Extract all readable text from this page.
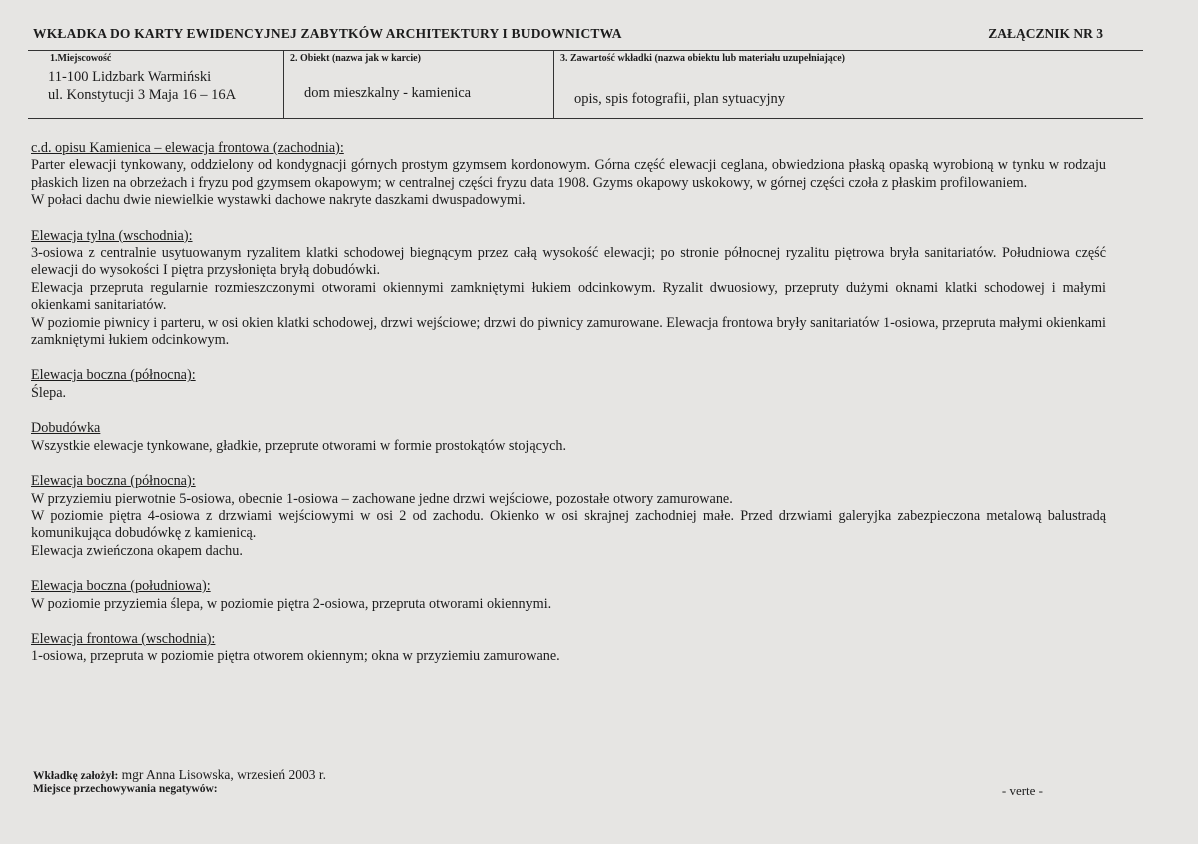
WKŁADKA DO KARTY EWIDENCYJNEJ ZABYTKÓW ARCHITEKTURY I BUDOWNICTWA	ZAŁĄCZNIK NR 3
1.Miejscowość
11-100 Lidzbark Warmiński
ul. Konstytucji 3 Maja 16 – 16A
2. Obiekt (nazwa jak w karcie)
dom mieszkalny - kamienica
3. Zawartość wkładki (nazwa obiektu lub materiału uzupełniające)
opis, spis fotografii, plan sytuacyjny
c.d. opisu Kamienica – elewacja frontowa (zachodnia):

Parter elewacji tynkowany, oddzielony od kondygnacji górnych prostym gzymsem kordonowym. Górna część elewacji ceglana, obwiedziona płaską opaską wyrobioną w tynku w rodzaju płaskich lizen na obrzeżach i fryzu pod gzymsem okapowym; w centralnej części fryzu data 1908. Gzyms okapowy uskokowy, w górnej części czoła z płaskim profilowaniem.

W połaci dachu dwie niewielkie wystawki dachowe nakryte daszkami dwuspadowymi.

Elewacja tylna (wschodnia):

3-osiowa z centralnie usytuowanym ryzalitem klatki schodowej biegnącym przez całą wysokość elewacji; po stronie północnej ryzalitu piętrowa bryła sanitariatów. Południowa część elewacji do wysokości I piętra przysłonięta bryłą dobudówki.

Elewacja przeprutа regularnie rozmieszczonymi otworami okiennymi zamkniętymi łukiem odcinkowym. Ryzalit dwuosiowy, przepruty dużymi oknami klatki schodowej i małymi okienkami sanitariatów.

W poziomie piwnicy i parteru, w osi okien klatki schodowej, drzwi wejściowe; drzwi do piwnicy zamurowane. Elewacja frontowa bryły sanitariatów 1-osiowa, przepruta małymi okienkami zamkniętymi łukiem odcinkowym.

Elewacja boczna (północna):

Ślepa.

Dobudówka

Wszystkie elewacje tynkowane, gładkie, przeprute otworami w formie prostokątów stojących.

Elewacja boczna (północna):

W przyziemiu pierwotnie 5-osiowa, obecnie 1-osiowa – zachowane jedne drzwi wejściowe, pozostałe otwory zamurowane.

W poziomie piętra 4-osiowa z drzwiami wejściowymi w osi 2 od zachodu. Okienko w osi skrajnej zachodniej małe. Przed drzwiami galeryjka zabezpieczona metalową balustradą komunikująca dobudówkę z kamienicą.

Elewacja zwieńczona okapem dachu.

Elewacja boczna (południowa):

W poziomie przyziemia ślepa, w poziomie piętra 2-osiowa, przepruta otworami okiennymi.

Elewacja frontowa (wschodnia):

1-osiowa, przepruta w poziomie piętra otworem okiennym; okna w przyziemiu zamurowane.

Wkładkę założył: mgr Anna Lisowska, wrzesień 2003 r.
Miejsce przechowywania negatywów:	- verte -
